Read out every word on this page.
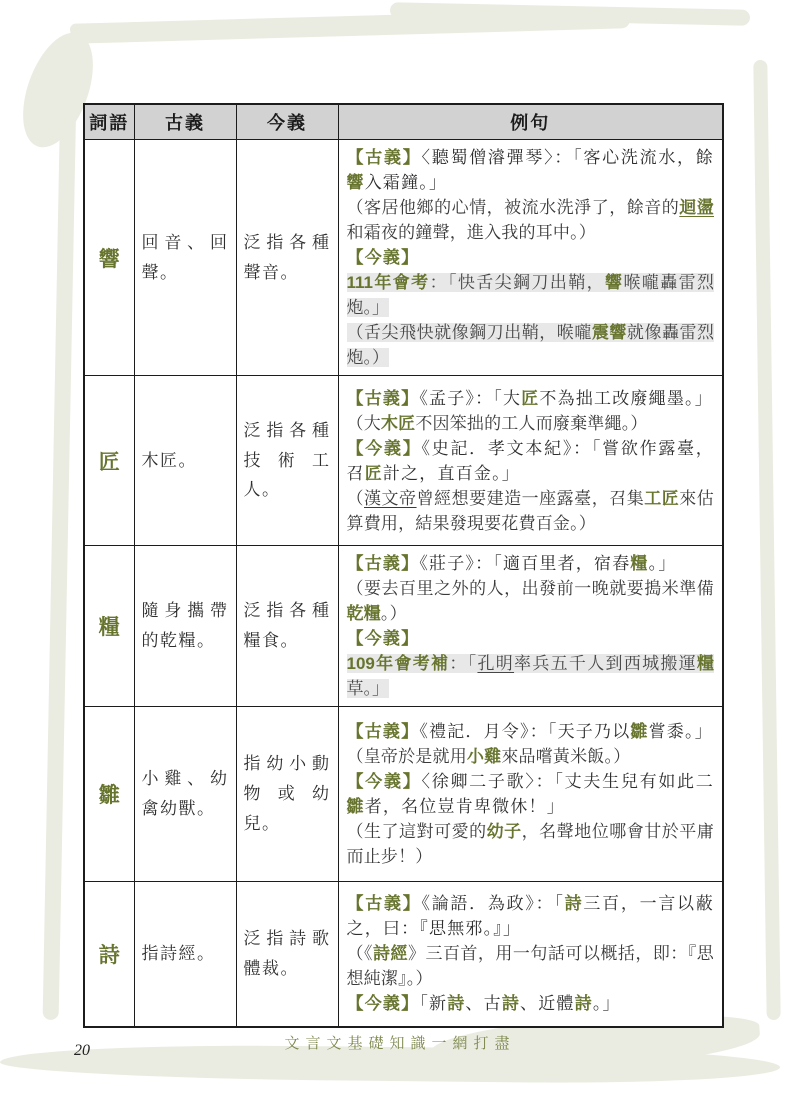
詞語	古義	今義	例句
響	回音、回聲。	泛指各種聲音。	【古義】〈聽蜀僧濬彈琴〉：「客心洗流水，餘響入霜鐘。」
（客居他鄉的心情，被流水洗淨了，餘音的迴盪和霜夜的鐘聲，進入我的耳中。）
【今義】
111年會考：「快舌尖鋼刀出鞘，響喉嚨轟雷烈炮。」
（舌尖飛快就像鋼刀出鞘，喉嚨震響就像轟雷烈炮。）

匠	木匠。	泛指各種技術工人。	【古義】《孟子》：「大匠不為拙工改廢繩墨。」
（大木匠不因笨拙的工人而廢棄準繩。）
【今義】《史記．孝文本紀》：「嘗欲作露臺，召匠計之，直百金。」
（漢文帝曾經想要建造一座露臺，召集工匠來估算費用，結果發現要花費百金。）

糧	隨身攜帶的乾糧。	泛指各種糧食。	【古義】《莊子》：「適百里者，宿舂糧。」
（要去百里之外的人，出發前一晚就要搗米準備乾糧。）
【今義】
109年會考補：「孔明率兵五千人到西城搬運糧草。」

雛	小雞、幼禽幼獸。	指幼小動物或幼兒。	【古義】《禮記．月令》：「天子乃以雛嘗黍。」
（皇帝於是就用小雞來品嚐黃米飯。）
【今義】〈徐卿二子歌〉：「丈夫生兒有如此二雛者，名位豈肯卑微休！」
（生了這對可愛的幼子，名聲地位哪會甘於平庸而止步！）

詩	指詩經。	泛指詩歌體裁。	【古義】《論語．為政》：「詩三百，一言以蔽之，曰：『思無邪。』」
（《詩經》三百首，用一句話可以概括，即：『思想純潔』。）
【今義】「新詩、古詩、近體詩。」
文言文基礎知識一網打盡
20
